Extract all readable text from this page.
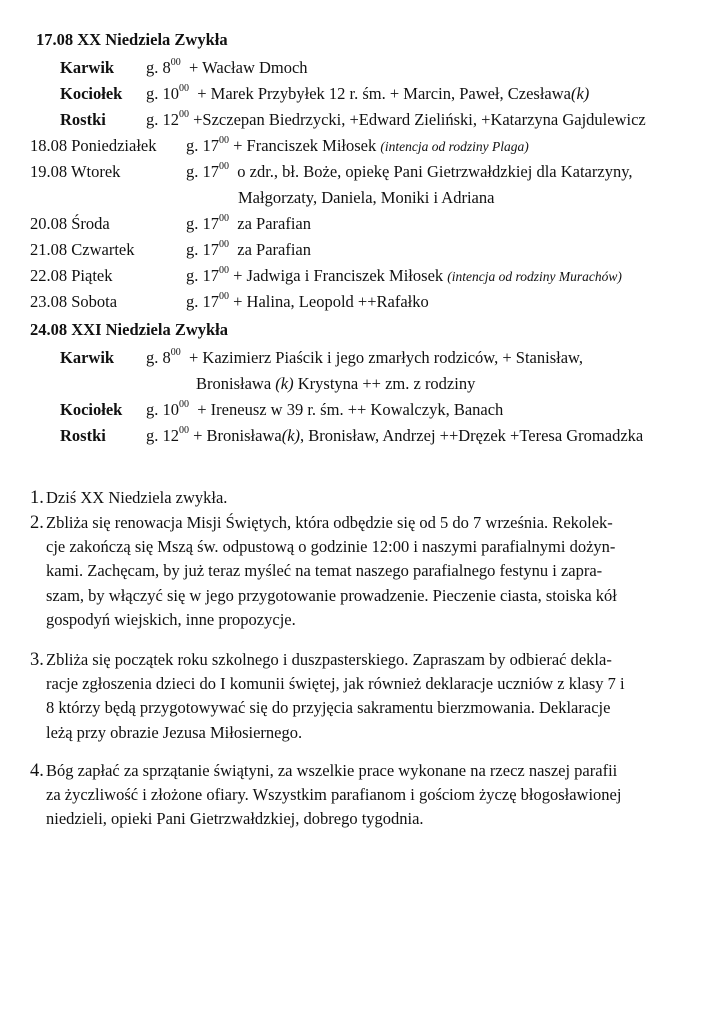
17.08 XX Niedziela Zwykła
Karwik g. $8^{00}$  + Wacław Dmoch
Kociołek g. $10^{00}$  + Marek Przybyłek 12 r. śm. + Marcin, Paweł, Czesława(k)
Rostki g. $12^{00}$ +Szczepan Biedrzycki, +Edward Zieliński, +Katarzyna Gajdulewicz
18.08 Poniedziałek g. $17^{00}$ + Franciszek Miłosek (intencja od rodziny Plaga)
19.08 Wtorek	g. $17^{00}$  o zdr., bł. Boże, opiekę Pani Gietrzwałdzkiej dla Katarzyny,
Małgorzaty, Daniela, Moniki i Adriana
20.08 Środa	g. $17^{00}$  za Parafian
21.08 Czwartek	g. $17^{00}$  za Parafian
22.08 Piątek	g. $17^{00}$ + Jadwiga i Franciszek Miłosek (intencja od rodziny Murachów)
23.08 Sobota	g. $17^{00}$ + Halina, Leopold ++Rafałko
24.08 XXI Niedziela Zwykła
Karwik g. $8^{00}$  + Kazimierz Piaścik i jego zmarłych rodziców, + Stanisław,
Bronisława (k) Krystyna ++ zm. z rodziny
Kociołek g. $10^{00}$  + Ireneusz w 39 r. śm. ++ Kowalczyk, Banach
Rostki g. $12^{00}$ + Bronisława(k), Bronisław, Andrzej ++Dręzek +Teresa Gromadzka
1. Dziś XX Niedziela zwykła.
2. Zbliża się renowacja Misji Świętych, która odbędzie się od 5 do 7 września. Rekolek-
cje zakończą się Mszą św. odpustową o godzinie 12:00 i naszymi parafialnymi dożyn-
kami. Zachęcam, by już teraz myśleć na temat naszego parafialnego festynu i zapra-
szam, by włączyć się w jego przygotowanie prowadzenie. Pieczenie ciasta, stoiska kół
gospodyń wiejskich, inne propozycje.
3. Zbliża się początek roku szkolnego i duszpasterskiego. Zapraszam by odbierać dekla-
racje zgłoszenia dzieci do I komunii świętej, jak również deklaracje uczniów z klasy 7 i
8 którzy będą przygotowywać się do przyjęcia sakramentu bierzmowania. Deklaracje
leżą przy obrazie Jezusa Miłosiernego.
4. Bóg zapłać za sprzątanie świątyni, za wszelkie prace wykonane na rzecz naszej parafii
za życzliwość i złożone ofiary. Wszystkim parafianom i gościom życzę błogosławionej
niedzieli, opieki Pani Gietrzwałdzkiej, dobrego tygodnia.
